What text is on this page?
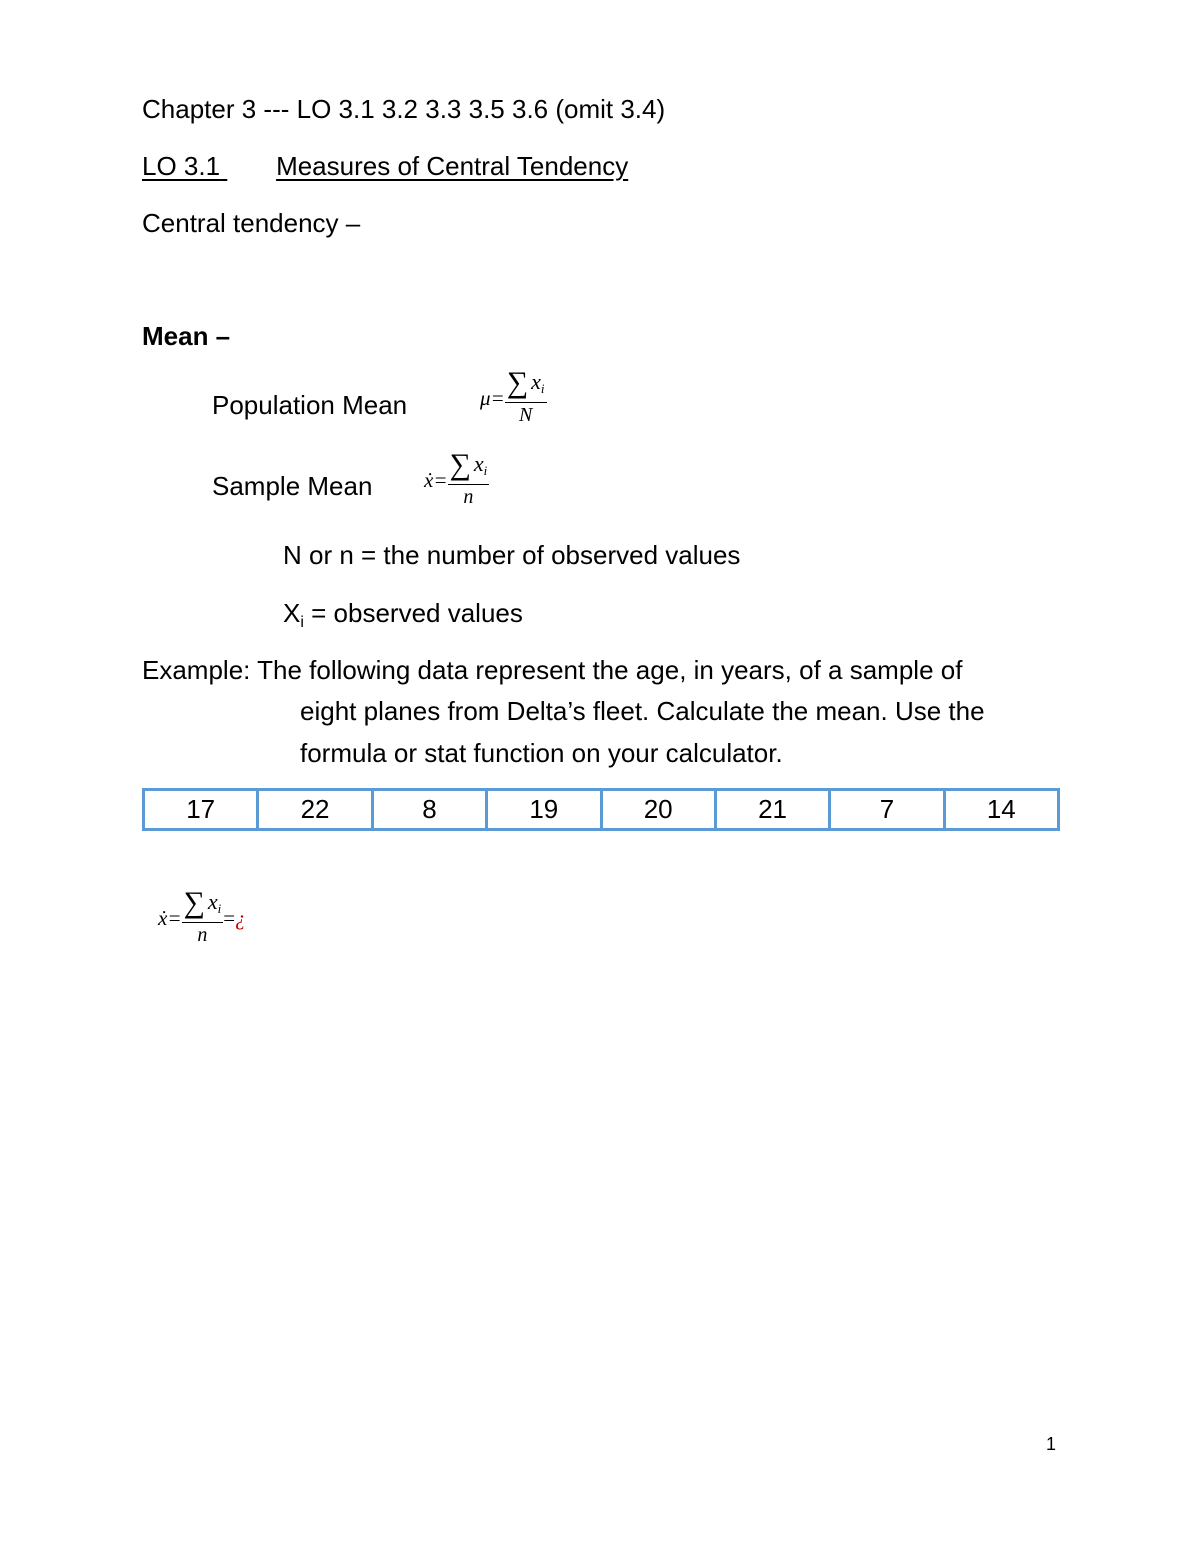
Chapter 3 --- LO 3.1 3.2 3.3 3.5 3.6 (omit 3.4)
LO 3.1 Measures of Central Tendency
Central tendency –
Mean –
Population Mean	$\mu= \frac{\sum x_i}{N}$
Sample Mean ẋ= $\frac{\sum x_i}{n}$
N or n = the number of observed values
$X_i$ = observed values
Example: The following data represent the age, in years, of a sample of
eight planes from Delta’s fleet. Calculate the mean. Use the
formula or stat function on your calculator.
17	22	8	19	20	21	7	14
ẋ= $\frac{\sum x_i}{n}$ =¿
1
